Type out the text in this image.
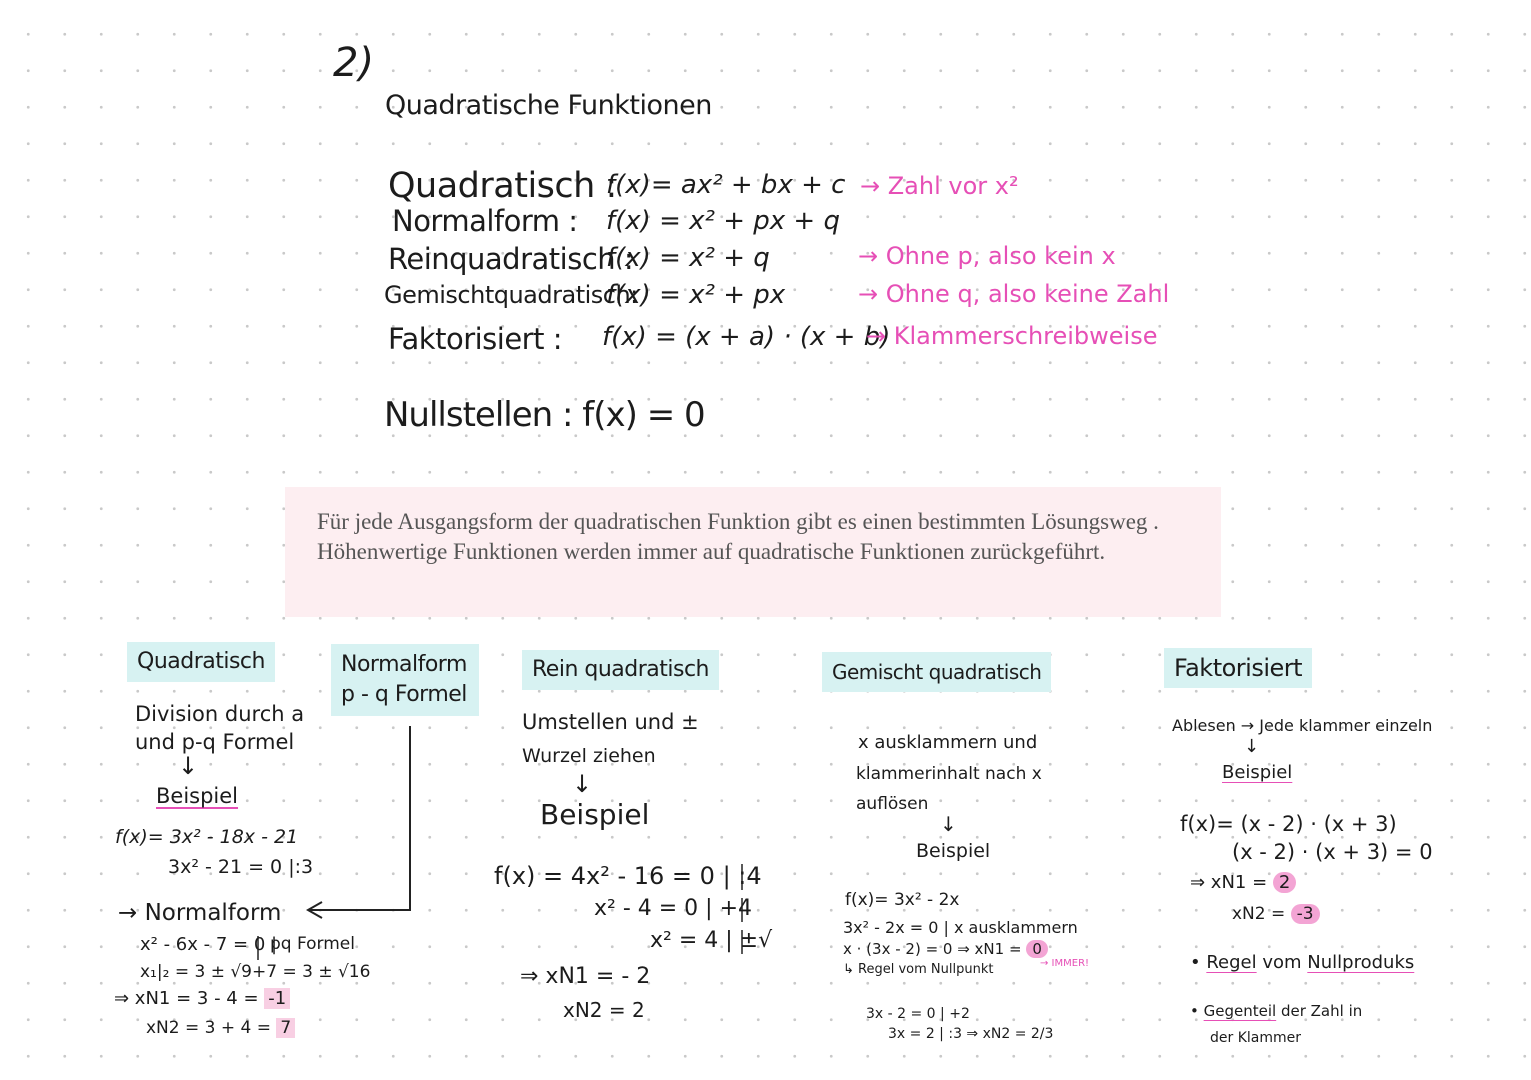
2)
Quadratische Funktionen
Quadratisch :
f(x)= ax² + bx + c → Zahl vor x²
Normalform : f(x) = x² + px + q
Reinquadratisch :
f(x) = x² + q	→ Ohne p, also kein x
Gemischtquadratisch:
f(x) = x² + px	→ Ohne q, also keine Zahl
Faktorisiert : f(x) = (x + a) · (x + b)
→ Klammerschreibweise
Nullstellen : f(x) = 0
Für jede Ausgangsform der quadratischen Funktion gibt es einen bestimmten Lösungsweg . Höhenwertige Funktionen werden immer auf quadratische Funktionen zurückgeführt.
Quadratisch
Division durch a
und p-q Formel
↓
Beispiel
f(x)= 3x² - 18x - 21
3x² - 21 = 0 |:3
→ Normalform
x² - 6x - 7 = 0 |
pq Formel
x₁|₂ = 3 ± √9+7 = 3 ± √16
⇒ xN1 = 3 - 4 = -1
xN2 = 3 + 4 = 7
Normalform
p - q Formel
Rein quadratisch
Umstellen und ±
Wurzel ziehen
↓
Beispiel
f(x) = 4x² - 16 = 0 | :4
x² - 4 = 0 | +4
x² = 4 | ±√
⇒ xN1 = - 2
xN2 = 2
Gemischt quadratisch
x ausklammern und
klammerinhalt nach x
auflösen
↓
Beispiel
f(x)= 3x² - 2x
3x² - 2x = 0 | x ausklammern
x · (3x - 2) = 0 ⇒ xN1 = 0
→ IMMER!
↳ Regel vom Nullpunkt
3x - 2 = 0 | +2
3x = 2 | :3 ⇒ xN2 = 2/3
Faktorisiert
Ablesen → Jede klammer einzeln
↓
Beispiel
f(x)= (x - 2) · (x + 3)
(x - 2) · (x + 3) = 0
⇒ xN1 = 2
xN2 = -3
• Regel vom Nullproduks
• Gegenteil der Zahl in
der Klammer
